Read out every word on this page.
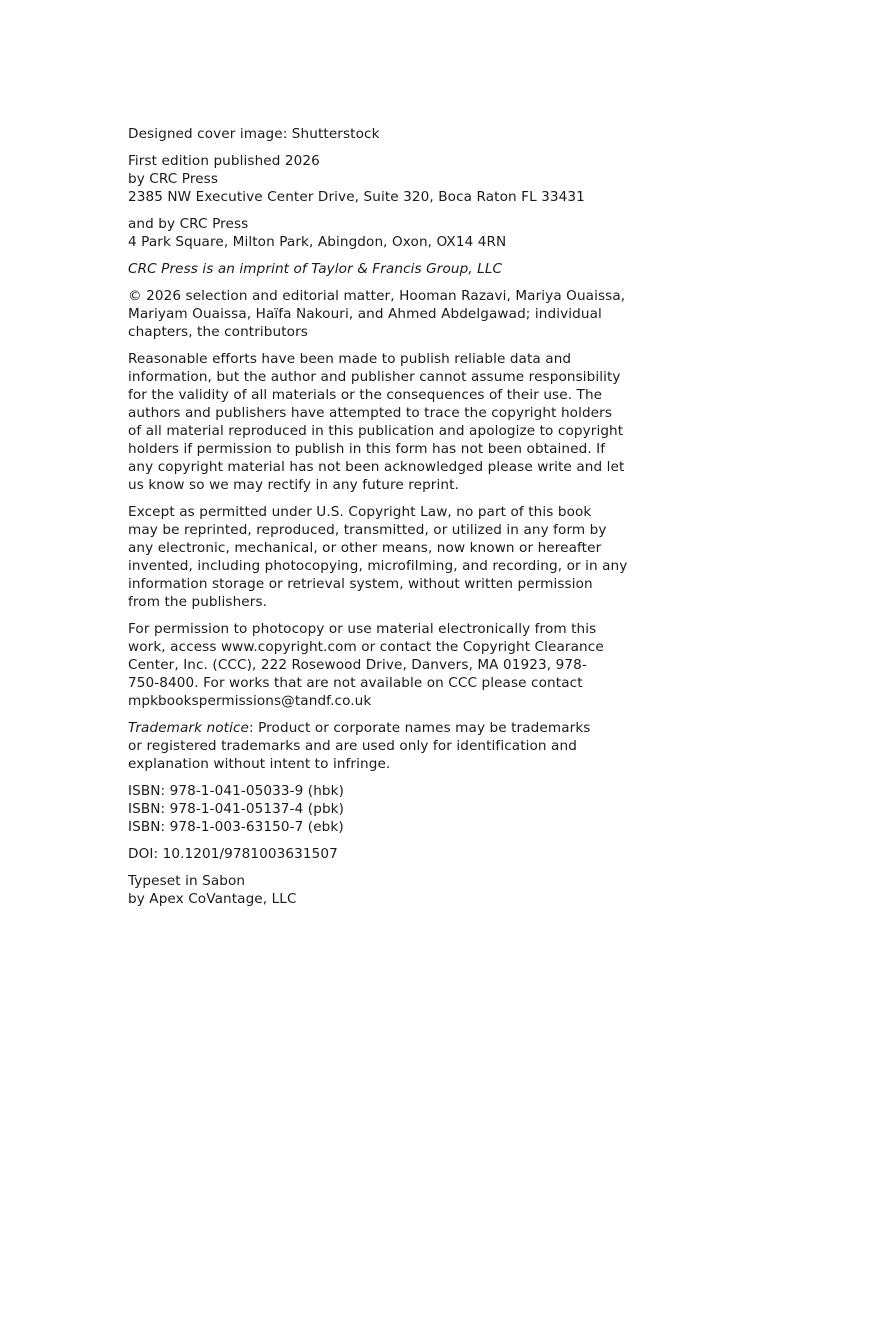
Designed cover image: Shutterstock

First edition published 2026
by CRC Press
2385 NW Executive Center Drive, Suite 320, Boca Raton FL 33431

and by CRC Press
4 Park Square, Milton Park, Abingdon, Oxon, OX14 4RN

CRC Press is an imprint of Taylor & Francis Group, LLC

© 2026 selection and editorial matter, Hooman Razavi, Mariya Ouaissa,
Mariyam Ouaissa, Haïfa Nakouri, and Ahmed Abdelgawad; individual
chapters, the contributors

Reasonable efforts have been made to publish reliable data and
information, but the author and publisher cannot assume responsibility
for the validity of all materials or the consequences of their use. The
authors and publishers have attempted to trace the copyright holders
of all material reproduced in this publication and apologize to copyright
holders if permission to publish in this form has not been obtained. If
any copyright material has not been acknowledged please write and let
us know so we may rectify in any future reprint.

Except as permitted under U.S. Copyright Law, no part of this book
may be reprinted, reproduced, transmitted, or utilized in any form by
any electronic, mechanical, or other means, now known or hereafter
invented, including photocopying, microfilming, and recording, or in any
information storage or retrieval system, without written permission
from the publishers.

For permission to photocopy or use material electronically from this
work, access www.copyright.com or contact the Copyright Clearance
Center, Inc. (CCC), 222 Rosewood Drive, Danvers, MA 01923, 978-
750-8400. For works that are not available on CCC please contact
mpkbookspermissions@tandf.co.uk

Trademark notice: Product or corporate names may be trademarks
or registered trademarks and are used only for identification and
explanation without intent to infringe.

ISBN: 978-1-041-05033-9 (hbk)
ISBN: 978-1-041-05137-4 (pbk)
ISBN: 978-1-003-63150-7 (ebk)

DOI: 10.1201/9781003631507

Typeset in Sabon
by Apex CoVantage, LLC
